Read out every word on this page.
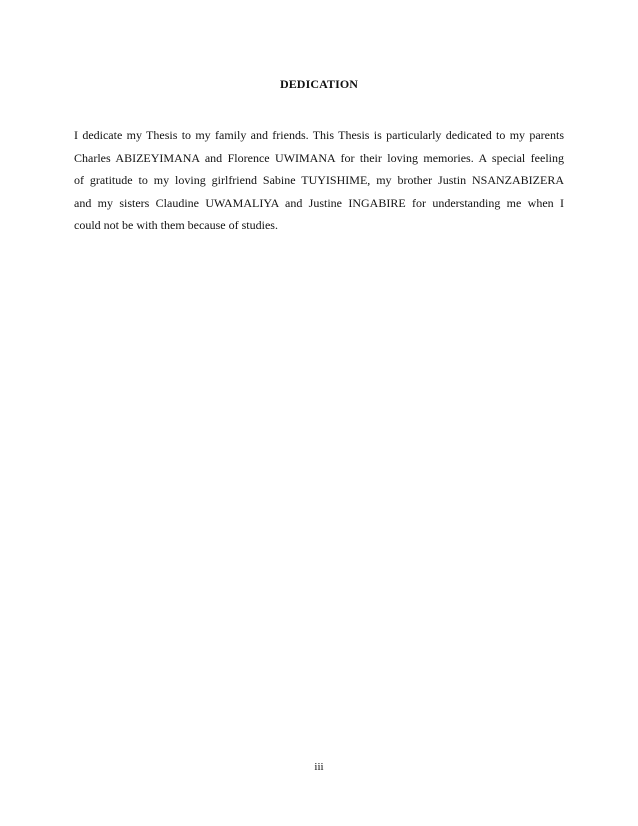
DEDICATION
I dedicate my Thesis to my family and friends. This Thesis is particularly dedicated to my parents
Charles ABIZEYIMANA and Florence UWIMANA for their loving memories. A special feeling
of gratitude to my loving girlfriend Sabine TUYISHIME, my brother Justin NSANZABIZERA
and my sisters Claudine UWAMALIYA and Justine INGABIRE for understanding me when I
could not be with them because of studies.
iii
